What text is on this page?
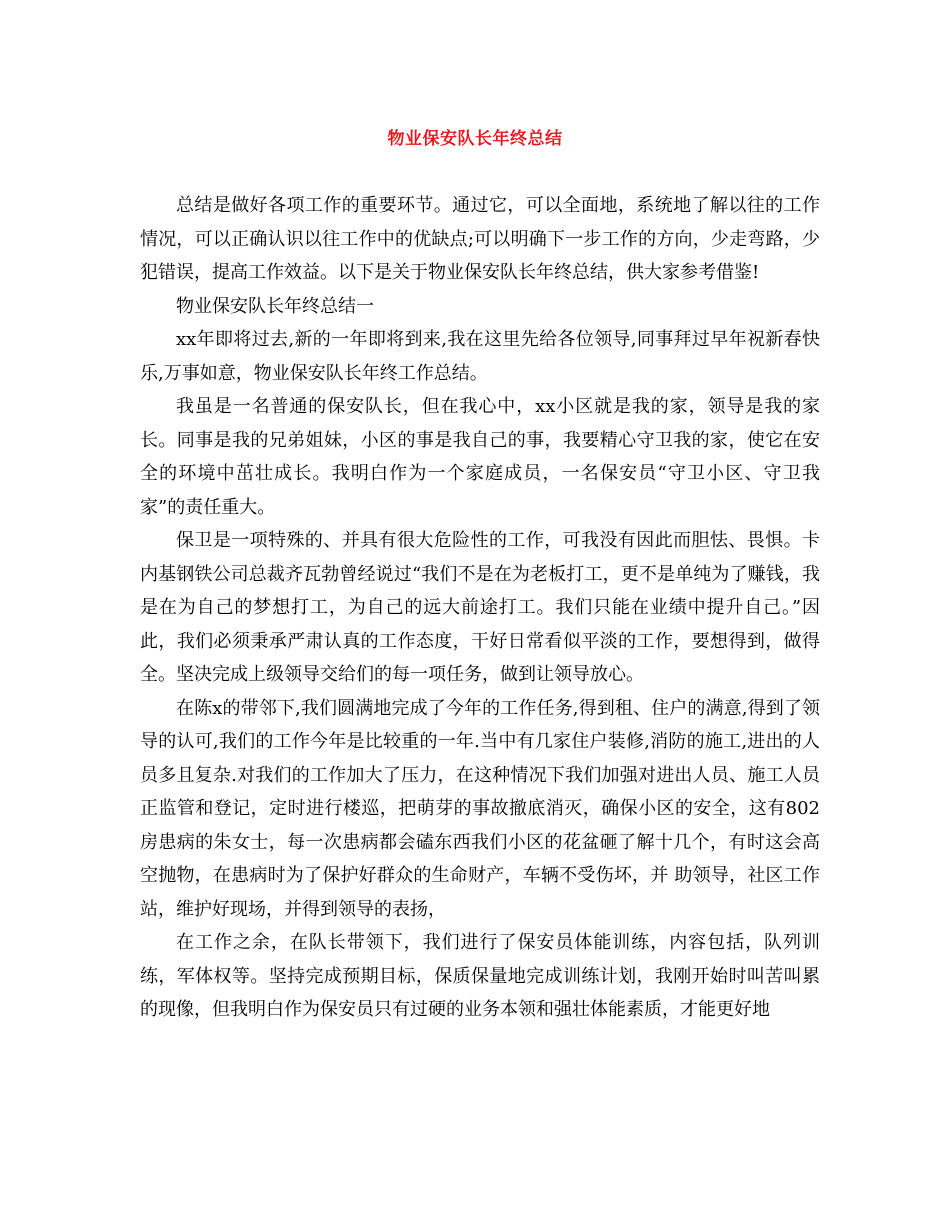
物业保安队长年终总结

总结是做好各项工作的重要环节。通过它，可以全面地，系统地了解以往的工作情况，可以正确认识以往工作中的优缺点;可以明确下一步工作的方向，少走弯路，少犯错误，提高工作效益。以下是关于物业保安队长年终总结，供大家参考借鉴!

物业保安队长年终总结一

xx年即将过去,新的一年即将到来,我在这里先给各位领导,同事拜过早年祝新春快乐,万事如意，物业保安队长年终工作总结。

我虽是一名普通的保安队长，但在我心中，xx小区就是我的家，领导是我的家长。同事是我的兄弟姐妹，小区的事是我自己的事，我要精心守卫我的家，使它在安全的环境中茁壮成长。我明白作为一个家庭成员，一名保安员“守卫小区、守卫我家”的责任重大。

保卫是一项特殊的、并具有很大危险性的工作，可我没有因此而胆怯、畏惧。卡内基钢铁公司总裁齐瓦勃曾经说过“我们不是在为老板打工，更不是单纯为了赚钱，我是在为自己的梦想打工，为自己的远大前途打工。我们只能在业绩中提升自己。”因此，我们必须秉承严肃认真的工作态度，干好日常看似平淡的工作，要想得到，做得全。坚决完成上级领导交给们的每一项任务，做到让领导放心。

在陈x的带邻下,我们圆满地完成了今年的工作任务,得到租、住户的满意,得到了领导的认可,我们的工作今年是比较重的一年.当中有几家住户装修,消防的施工,进出的人员多且复杂.对我们的工作加大了压力，在这种情况下我们加强对进出人员、施工人员正监管和登记，定时进行楼巡，把萌芽的事故撤底消灭，确保小区的安全，这有802房患病的朱女士，每一次患病都会磕东西我们小区的花盆砸了解十几个，有时这会高空抛物，在患病时为了保护好群众的生命财产，车辆不受伤坏，并 助领导，社区工作站，维护好现场，并得到领导的表扬，

在工作之余，在队长带领下，我们进行了保安员体能训练，内容包括，队列训练，军体权等。坚持完成预期目标，保质保量地完成训练计划，我刚开始时叫苦叫累的现像，但我明白作为保安员只有过硬的业务本领和强壮体能素质，才能更好地
